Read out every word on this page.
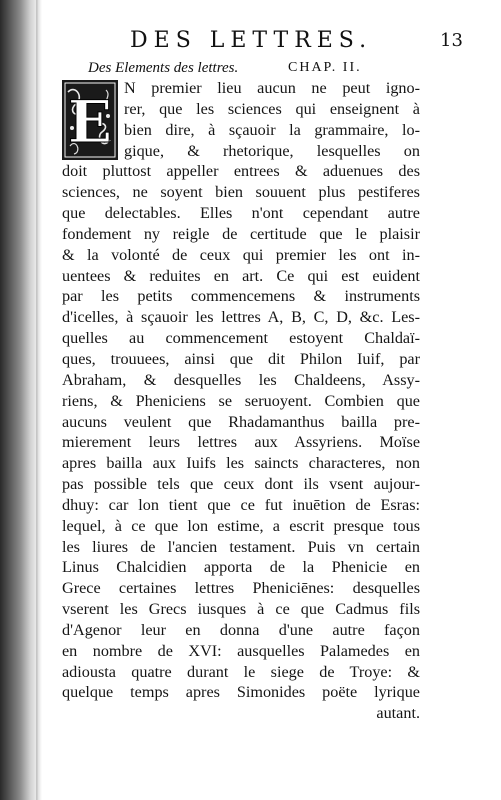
DES LETTRES.	13
Des Elements des lettres.	CHAP. II.
E N premier lieu aucun ne peut igno-
rer, que les sciences qui enseignent à
bien dire, à sçauoir la grammaire, lo-
gique, & rhetorique, lesquelles on
doit pluttost appeller entrees & aduenues des
sciences, ne soyent bien souuent plus pestiferes
que delectables. Elles n'ont cependant autre
fondement ny reigle de certitude que le plaisir
& la volonté de ceux qui premier les ont in-
uentees & reduites en art. Ce qui est euident
par les petits commencemens & instruments
d'icelles, à sçauoir les lettres A, B, C, D, &c. Les-
quelles au commencement estoyent Chaldaï-
ques, trouuees, ainsi que dit Philon Iuif, par
Abraham, & desquelles les Chaldeens, Assy-
riens, & Pheniciens se seruoyent. Combien que
aucuns veulent que Rhadamanthus bailla pre-
mierement leurs lettres aux Assyriens. Moïse
apres bailla aux Iuifs les saincts characteres, non
pas possible tels que ceux dont ils vsent aujour-
dhuy: car lon tient que ce fut inuētion de Esras:
lequel, à ce que lon estime, a escrit presque tous
les liures de l'ancien testament. Puis vn certain
Linus Chalcidien apporta de la Phenicie en
Grece certaines lettres Pheniciēnes: desquelles
vserent les Grecs iusques à ce que Cadmus fils
d'Agenor leur en donna d'une autre façon
en nombre de XVI: ausquelles Palamedes en
adiousta quatre durant le siege de Troye: &
quelque temps apres Simonides poëte lyrique
autant.
